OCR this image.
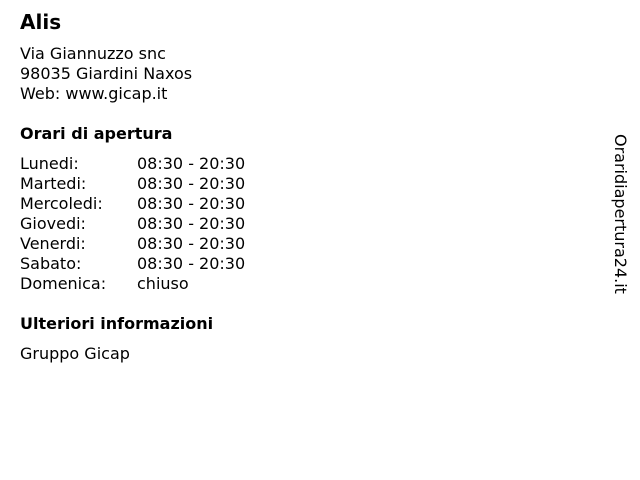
Alis
Via Giannuzzo snc
98035 Giardini Naxos
Web: www.gicap.it
Orari di apertura
Lunedi:	08:30 - 20:30
Martedi:	08:30 - 20:30
Mercoledi: 08:30 - 20:30
Giovedi:	08:30 - 20:30
Venerdi:	08:30 - 20:30
Sabato:	08:30 - 20:30
Domenica: chiuso
Ulteriori informazioni
Gruppo Gicap
Oraridiapertura24.it
